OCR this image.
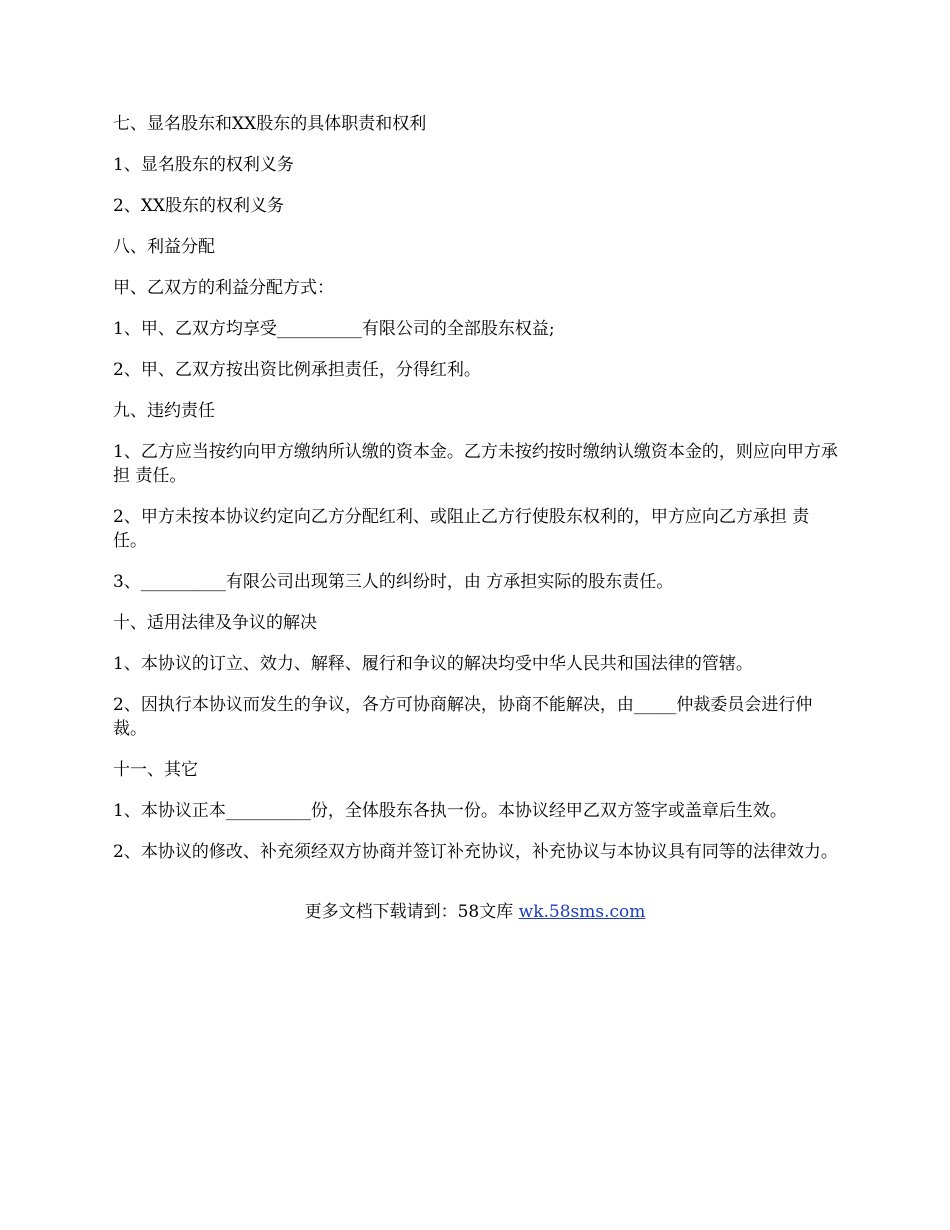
七、显名股东和XX股东的具体职责和权利

1、显名股东的权利义务

2、XX股东的权利义务

八、利益分配

甲、乙双方的利益分配方式：

1、甲、乙双方均享受__________有限公司的全部股东权益;

2、甲、乙双方按出资比例承担责任，分得红利。

九、违约责任

1、乙方应当按约向甲方缴纳所认缴的资本金。乙方未按约按时缴纳认缴资本金的，则应向甲方承担 责任。

2、甲方未按本协议约定向乙方分配红利、或阻止乙方行使股东权利的，甲方应向乙方承担 责任。

3、__________有限公司出现第三人的纠纷时，由 方承担实际的股东责任。

十、适用法律及争议的解决

1、本协议的订立、效力、解释、履行和争议的解决均受中华人民共和国法律的管辖。

2、因执行本协议而发生的争议，各方可协商解决，协商不能解决，由_____仲裁委员会进行仲裁。

十一、其它

1、本协议正本__________份，全体股东各执一份。本协议经甲乙双方签字或盖章后生效。

2、本协议的修改、补充须经双方协商并签订补充协议，补充协议与本协议具有同等的法律效力。

更多文档下载请到：58文库 wk.58sms.com
